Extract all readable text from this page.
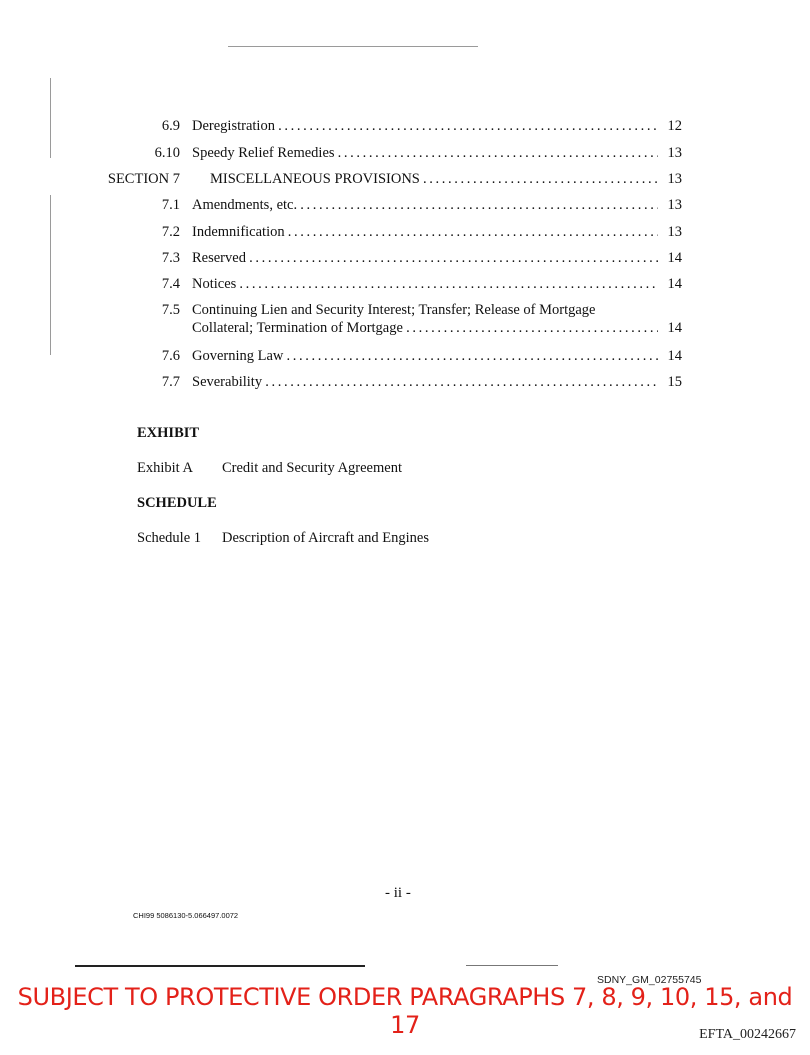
6.9 Deregistration . . .	12
6.10 Speedy Relief Remedies . . .	13
SECTION 7 MISCELLANEOUS PROVISIONS . . .	13
7.1 Amendments, etc. . . .	13
7.2 Indemnification . . .	13
7.3 Reserved . . .	14
7.4 Notices . . .	14
7.5 Continuing Lien and Security Interest; Transfer; Release of Mortgage
Collateral; Termination of Mortgage . . .	14
7.6 Governing Law . . .	14
7.7 Severability . . .	15
EXHIBIT
Exhibit A Credit and Security Agreement
SCHEDULE
Schedule 1 Description of Aircraft and Engines
- ii -
CHI99 5086130-5.066497.0072
SDNY_GM_02755745
SUBJECT TO PROTECTIVE ORDER PARAGRAPHS 7, 8, 9, 10, 15, and 17	EFTA_00242667
